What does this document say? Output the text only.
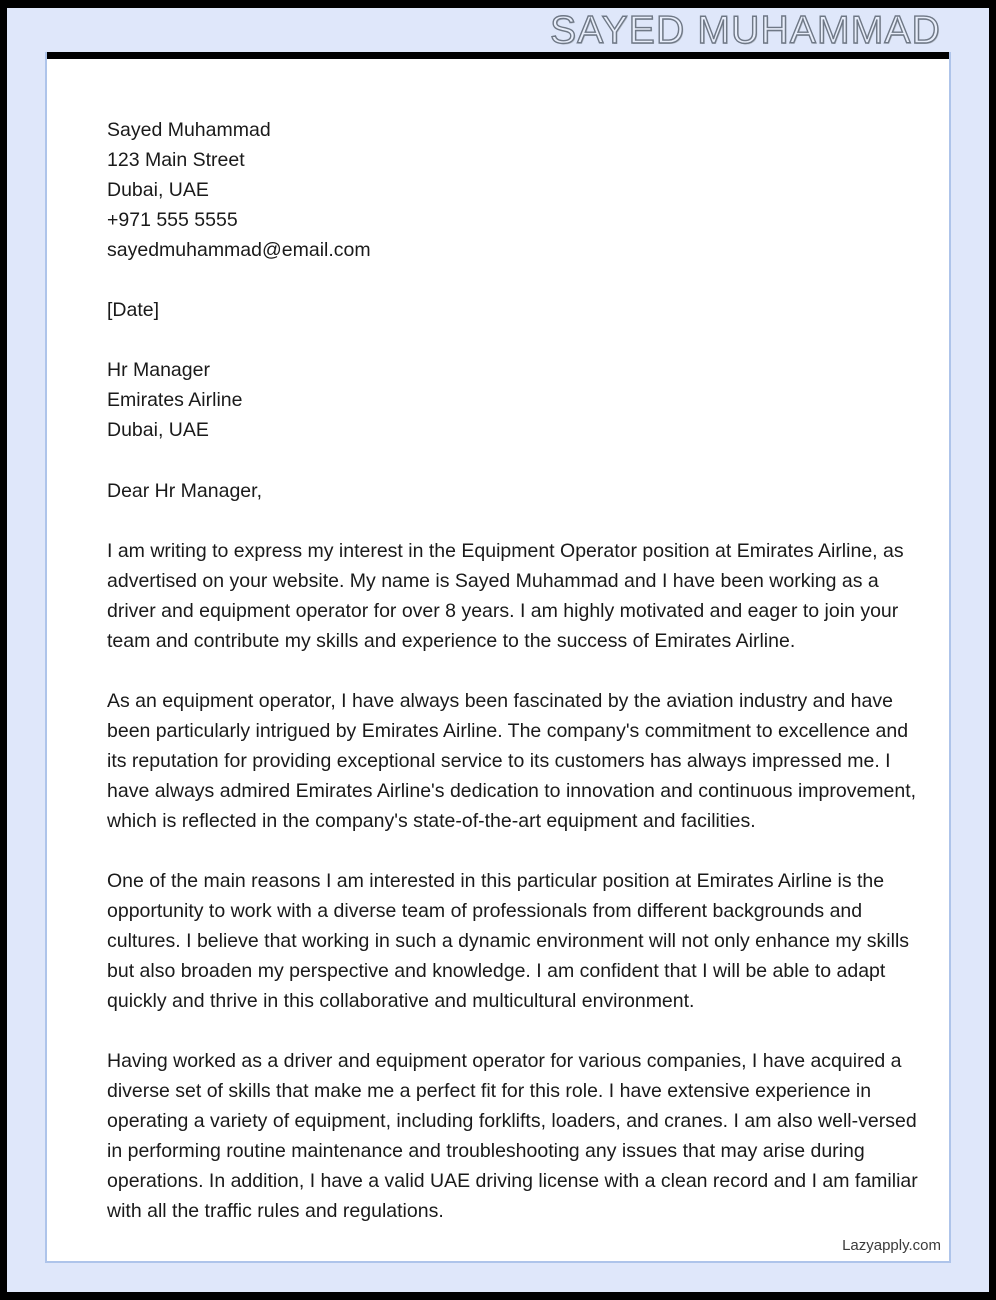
SAYED MUHAMMAD
Sayed Muhammad
123 Main Street
Dubai, UAE
+971 555 5555
sayedmuhammad@email.com
[Date]
Hr Manager
Emirates Airline
Dubai, UAE
Dear Hr Manager,

I am writing to express my interest in the Equipment Operator position at Emirates Airline, as advertised on your website. My name is Sayed Muhammad and I have been working as a driver and equipment operator for over 8 years. I am highly motivated and eager to join your team and contribute my skills and experience to the success of Emirates Airline.

As an equipment operator, I have always been fascinated by the aviation industry and have been particularly intrigued by Emirates Airline. The company's commitment to excellence and its reputation for providing exceptional service to its customers has always impressed me. I have always admired Emirates Airline's dedication to innovation and continuous improvement, which is reflected in the company's state-of-the-art equipment and facilities.

One of the main reasons I am interested in this particular position at Emirates Airline is the opportunity to work with a diverse team of professionals from different backgrounds and cultures. I believe that working in such a dynamic environment will not only enhance my skills but also broaden my perspective and knowledge. I am confident that I will be able to adapt quickly and thrive in this collaborative and multicultural environment.

Having worked as a driver and equipment operator for various companies, I have acquired a diverse set of skills that make me a perfect fit for this role. I have extensive experience in operating a variety of equipment, including forklifts, loaders, and cranes. I am also well-versed in performing routine maintenance and troubleshooting any issues that may arise during operations. In addition, I have a valid UAE driving license with a clean record and I am familiar with all the traffic rules and regulations.

Lazyapply.com
